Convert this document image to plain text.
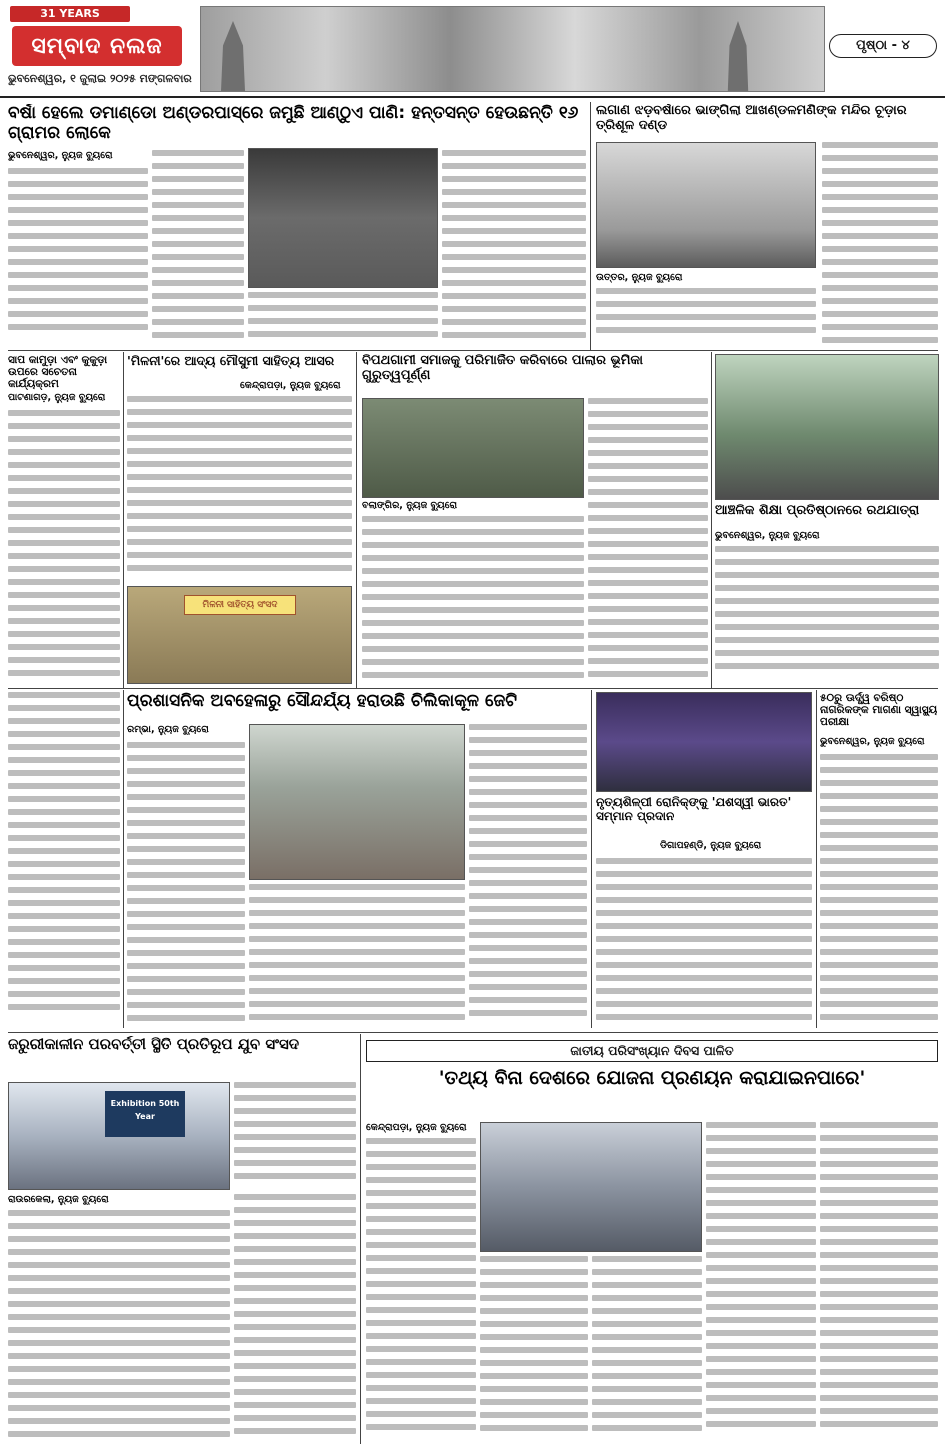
31 YEARS
ସମ୍ବାଦ ନଲଜ
ଭୁବନେଶ୍ୱର, ୧ ଜୁଲାଇ ୨୦୨୫ ମଙ୍ଗଳବାର
ପୃଷ୍ଠା - ୪
ବର୍ଷା ହେଲେ ଡମାଣ୍ଡୋ ଅଣ୍ଡରପାସ୍‌ରେ ଜମୁଛି ଆଣ୍ଠୁଏ ପାଣି: ହନ୍ତସନ୍ତ ହେଉଛନ୍ତି ୧୬ ଗ୍ରାମର ଲୋକେ
ଭୁବନେଶ୍ୱର, ନ୍ୟୁଜ ବ୍ୟୁରୋ
ଲଗାଣ ଝଡ଼ବର୍ଷାରେ ଭାଙ୍ଗିଲା ଆଖଣ୍ଡଳମଣିଙ୍କ ମନ୍ଦିର ଚୂଡ଼ାର ତ୍ରିଶୂଳ ଦଣ୍ଡ
ଉତ୍ତର, ନ୍ୟୁଜ ବ୍ୟୁରୋ
ସାପ କାମୁଡ଼ା ଏବଂ କୁକୁଡ଼ା ଉପରେ ସଚେତନା କାର୍ଯ୍ୟକ୍ରମ
ପାଟଣାଗଡ଼, ନ୍ୟୁଜ ବ୍ୟୁରୋ
'ମିଳନୀ'ରେ ଆଦ୍ୟ ମୌସୁମୀ ସାହିତ୍ୟ ଆସର
କେନ୍ଦ୍ରାପଡ଼ା, ନ୍ୟୁଜ ବ୍ୟୁରୋ
ମିଳନୀ ସାହିତ୍ୟ ସଂସଦ
ବିପଥଗାମୀ ସମାଜକୁ ପରିମାର୍ଜିତ କରିବାରେ ପାଲାର ଭୂମିକା ଗୁରୁତ୍ୱପୂର୍ଣ୍ଣ
ବଲାଙ୍ଗିର, ନ୍ୟୁଜ ବ୍ୟୁରୋ	ଆଞ୍ଚଳିକ ଶିକ୍ଷା ପ୍ରତିଷ୍ଠାନରେ ରଥଯାତ୍ରା
ଭୁବନେଶ୍ୱର, ନ୍ୟୁଜ ବ୍ୟୁରୋ
ପ୍ରଶାସନିକ ଅବହେଳାରୁ ସୌନ୍ଦର୍ଯ୍ୟ ହରାଉଛି ଚିଲିକାକୂଳ ଜେଟି
ରମ୍ଭା, ନ୍ୟୁଜ ବ୍ୟୁରୋ
ନୃତ୍ୟଶିଳ୍ପୀ ରୋନିକ୍‌ଙ୍କୁ 'ଯଶସ୍ୱୀ ଭାରତ' ସମ୍ମାନ ପ୍ରଦାନ
ଡିଗାପହଣ୍ଡି, ନ୍ୟୁଜ ବ୍ୟୁରୋ
୫୦ରୁ ଊର୍ଦ୍ଧ୍ୱ ବରିଷ୍ଠ ନାଗରିକଙ୍କ ମାଗଣା ସ୍ୱାସ୍ଥ୍ୟ ପରୀକ୍ଷା
ଭୁବନେଶ୍ୱର, ନ୍ୟୁଜ ବ୍ୟୁରୋ
ଜରୁରୀକାଳୀନ ପରବର୍ତ୍ତୀ ସ୍ଥିତି ପ୍ରତିରୂପ ଯୁବ ସଂସଦ
Exhibition 50th Year
ରାଉରକେଲା, ନ୍ୟୁଜ ବ୍ୟୁରୋ
ଜାତୀୟ ପରିସଂଖ୍ୟାନ ଦିବସ ପାଳିତ
'ତଥ୍ୟ ବିନା ଦେଶରେ ଯୋଜନା ପ୍ରଣୟନ କରାଯାଇନପାରେ'
କେନ୍ଦ୍ରାପଡ଼ା, ନ୍ୟୁଜ ବ୍ୟୁରୋ
